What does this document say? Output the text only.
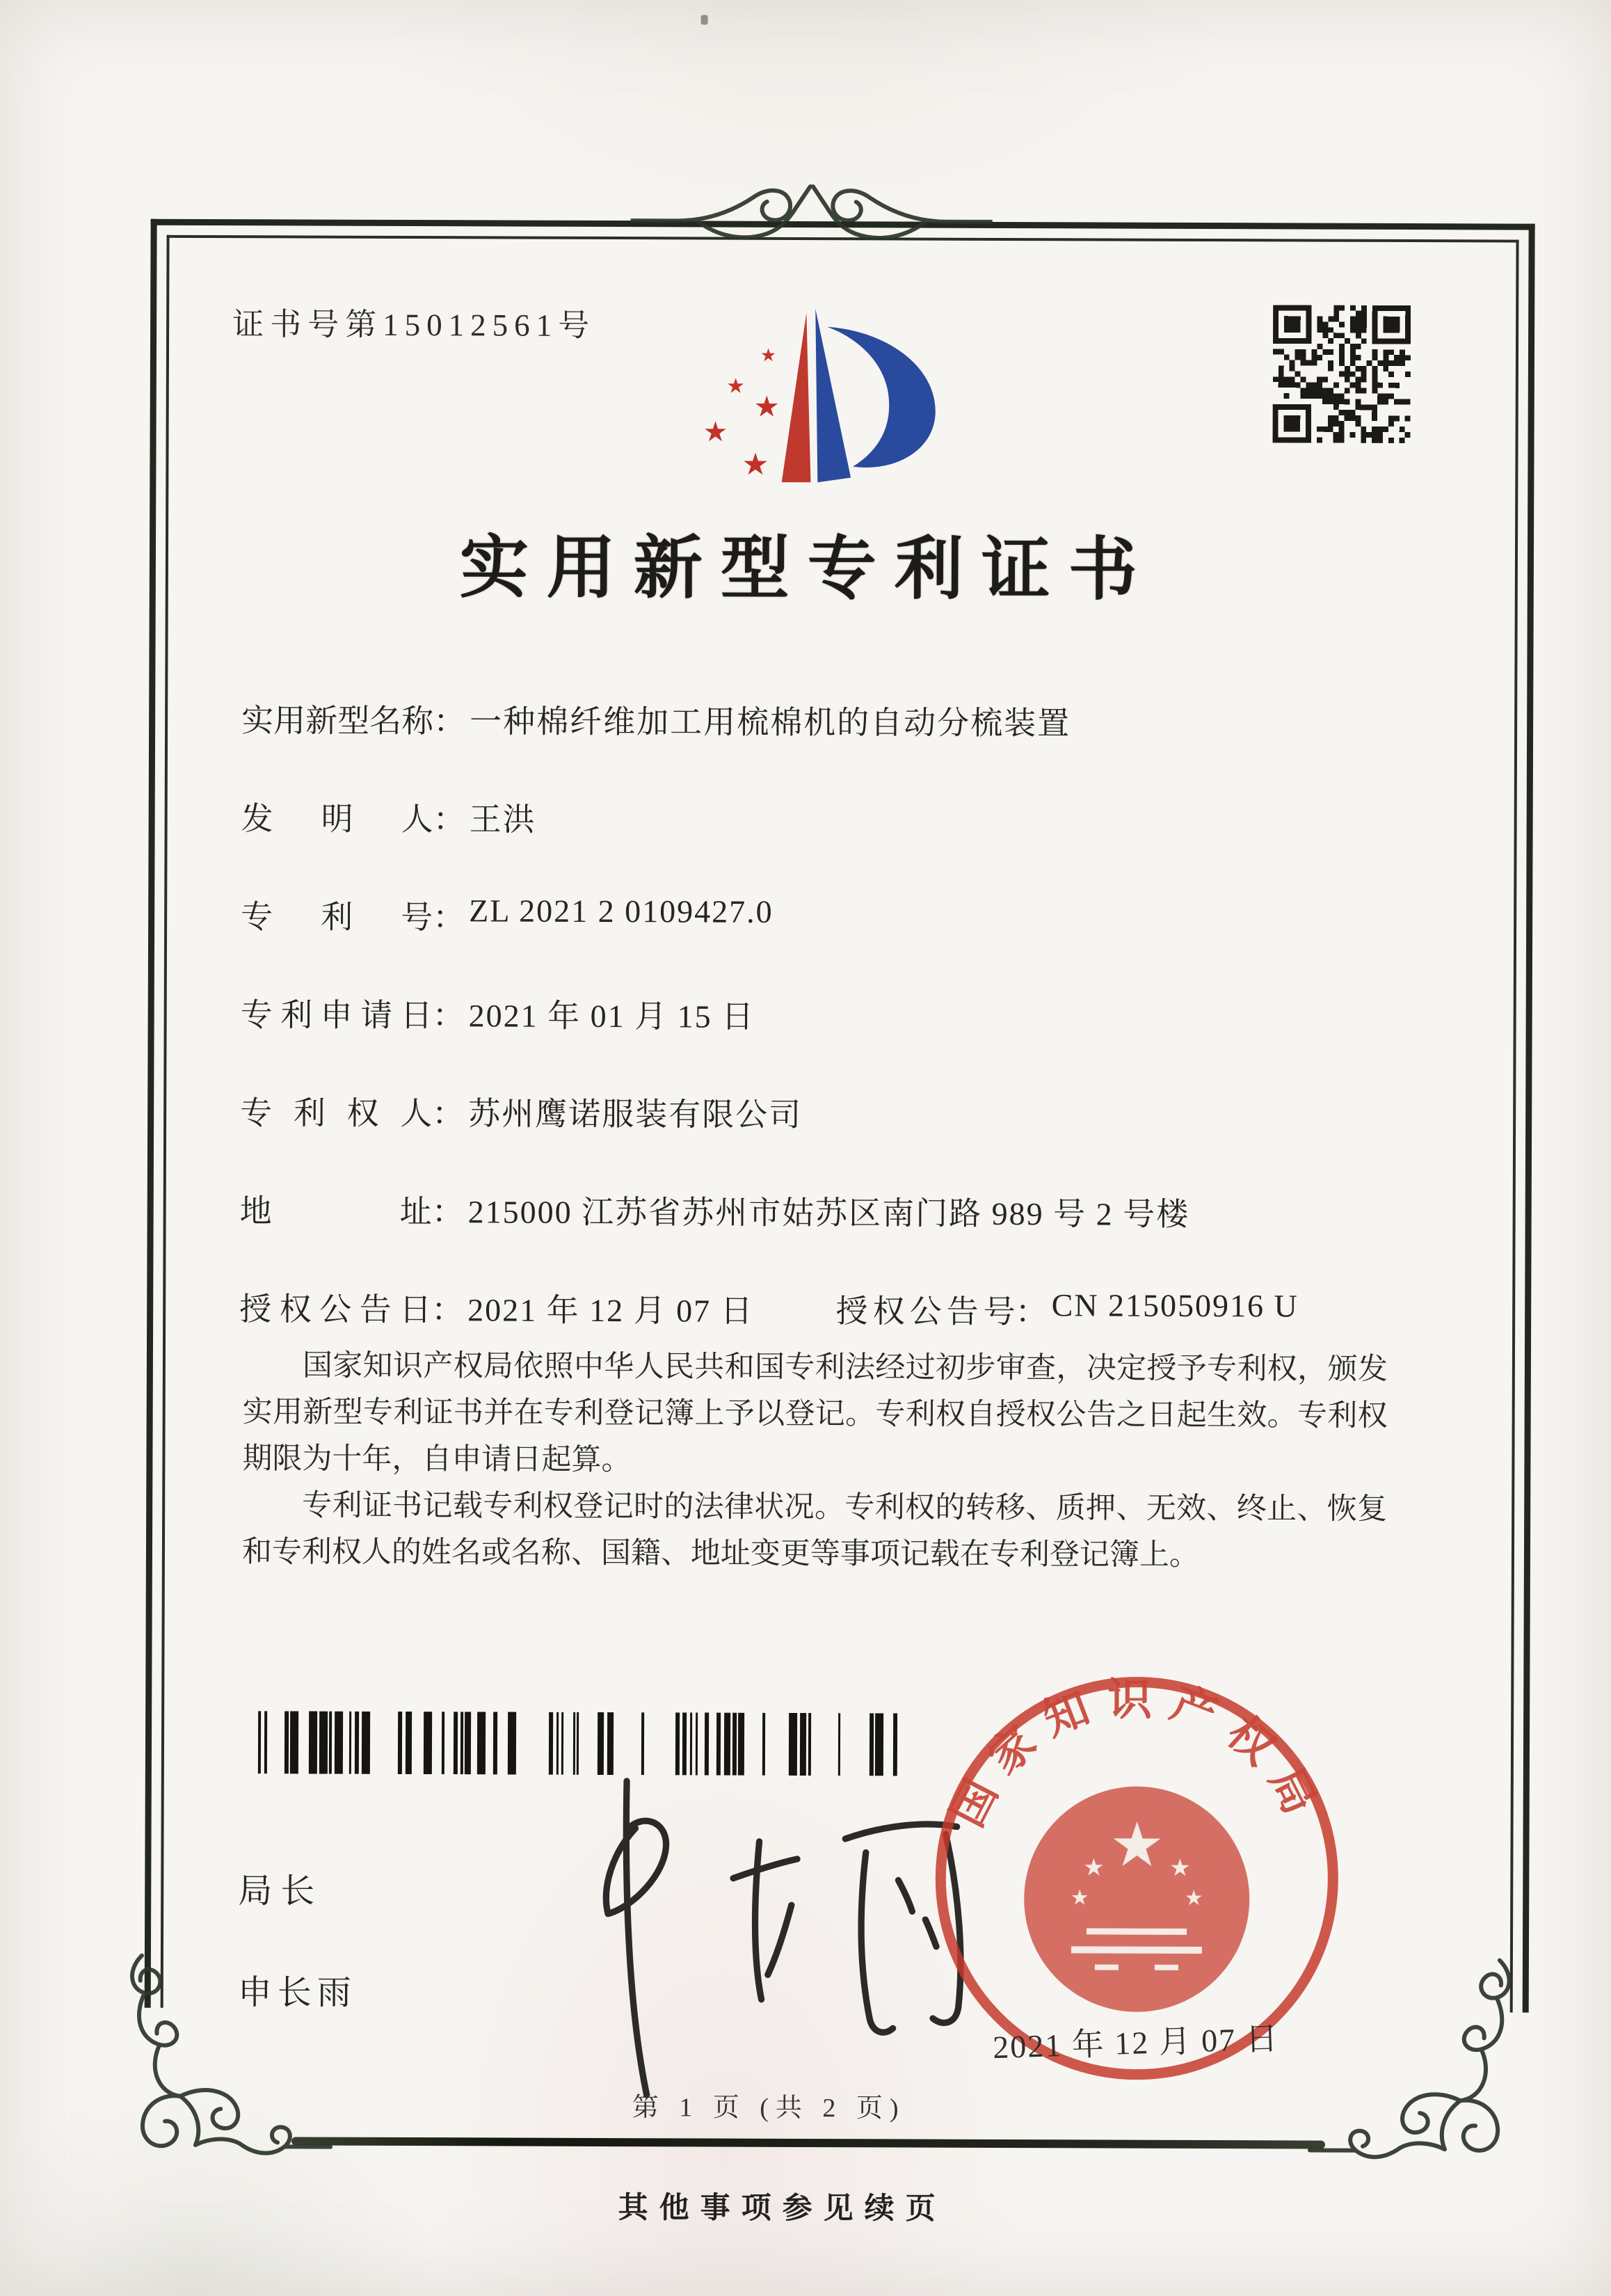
证书号第15012561号
★
★
★
★
★
实用新型专利证书
实用新型名称 ： 一种棉纤维加工用梳棉机的自动分梳装置
发明人 ： 王洪
专利号 ： ZL 2021 2 0109427.0
专利申请日 ： 2021 年 01 月 15 日
专利权人 ： 苏州鹰诺服装有限公司
地址 ： 215000 江苏省苏州市姑苏区南门路 989 号 2 号楼
授权公告日 ： 2021 年 12 月 07 日	授权公告号 ： CN 215050916 U

国家知识产权局依照中华人民共和国专利法经过初步审查，决定授予专利权，颁发实用新型专利证书并在专利登记簿上予以登记。专利权自授权公告之日起生效。专利权期限为十年，自申请日起算。

专利证书记载专利权登记时的法律状况。专利权的转移、质押、无效、终止、恢复和专利权人的姓名或名称、国籍、地址变更等事项记载在专利登记簿上。

局长
申长雨
国家知识产权局
★
★	★
★	★
2021 年 12 月 07 日
第 1 页 (共 2 页)
其他事项参见续页
